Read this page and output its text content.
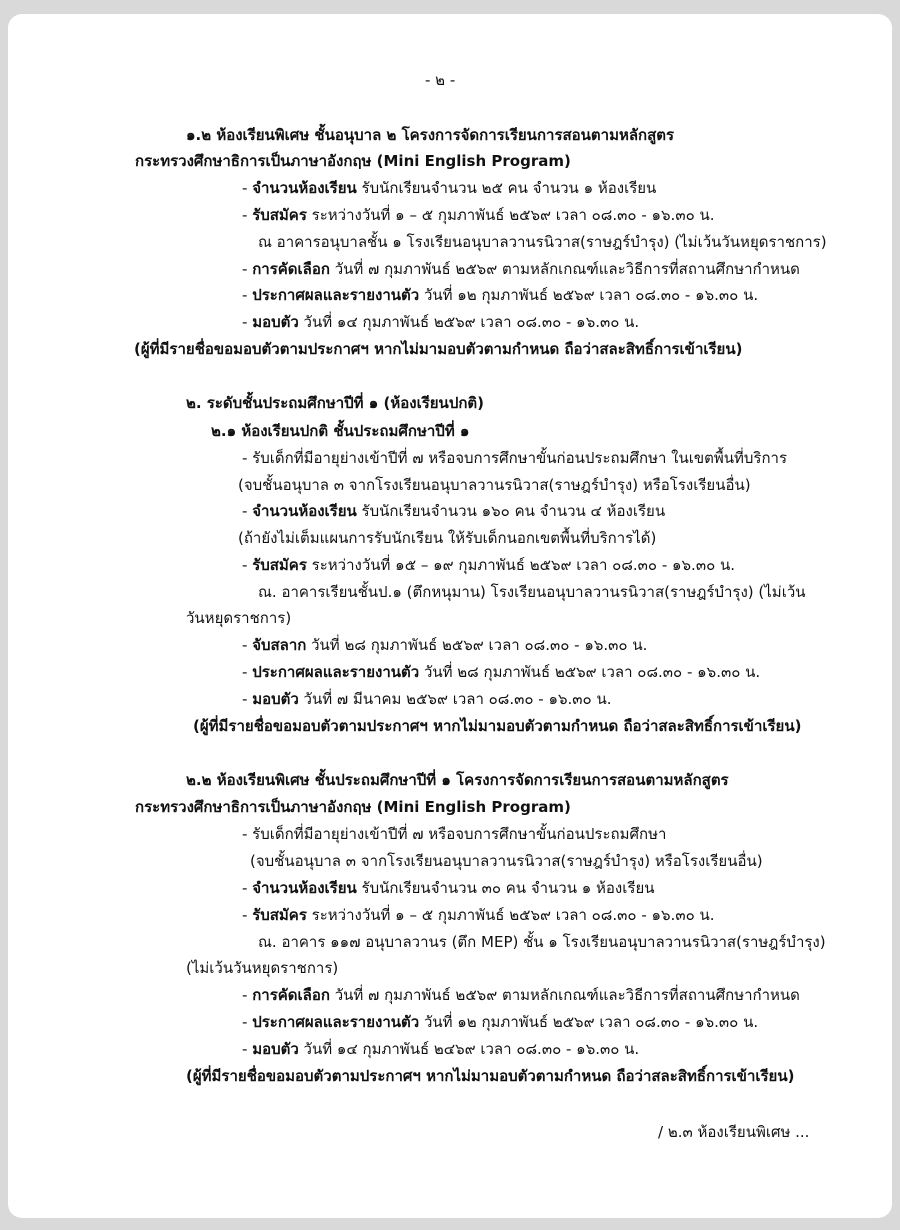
- ๒ -
๑.๒ ห้องเรียนพิเศษ ชั้นอนุบาล ๒ โครงการจัดการเรียนการสอนตามหลักสูตร
กระทรวงศึกษาธิการเป็นภาษาอังกฤษ (Mini English Program)
- จำนวนห้องเรียน รับนักเรียนจำนวน ๒๕ คน จำนวน ๑ ห้องเรียน
- รับสมัคร ระหว่างวันที่ ๑ – ๕ กุมภาพันธ์ ๒๕๖๙ เวลา ๐๘.๓๐ - ๑๖.๓๐ น.
ณ อาคารอนุบาลชั้น ๑ โรงเรียนอนุบาลวานรนิวาส(ราษฎร์บำรุง) (ไม่เว้นวันหยุดราชการ)
- การคัดเลือก วันที่ ๗ กุมภาพันธ์ ๒๕๖๙ ตามหลักเกณฑ์และวิธีการที่สถานศึกษากำหนด
- ประกาศผลและรายงานตัว วันที่ ๑๒ กุมภาพันธ์ ๒๕๖๙ เวลา ๐๘.๓๐ - ๑๖.๓๐ น.
- มอบตัว วันที่ ๑๔ กุมภาพันธ์ ๒๕๖๙ เวลา ๐๘.๓๐ - ๑๖.๓๐ น.
(ผู้ที่มีรายชื่อขอมอบตัวตามประกาศฯ หากไม่มามอบตัวตามกำหนด ถือว่าสละสิทธิ์การเข้าเรียน)
๒. ระดับชั้นประถมศึกษาปีที่ ๑ (ห้องเรียนปกติ)
๒.๑ ห้องเรียนปกติ ชั้นประถมศึกษาปีที่ ๑
- รับเด็กที่มีอายุย่างเข้าปีที่ ๗ หรือจบการศึกษาขั้นก่อนประถมศึกษา ในเขตพื้นที่บริการ
(จบชั้นอนุบาล ๓ จากโรงเรียนอนุบาลวานรนิวาส(ราษฎร์บำรุง) หรือโรงเรียนอื่น)
- จำนวนห้องเรียน รับนักเรียนจำนวน ๑๖๐ คน จำนวน ๔ ห้องเรียน
(ถ้ายังไม่เต็มแผนการรับนักเรียน ให้รับเด็กนอกเขตพื้นที่บริการได้)
- รับสมัคร ระหว่างวันที่ ๑๕ – ๑๙ กุมภาพันธ์ ๒๕๖๙ เวลา ๐๘.๓๐ - ๑๖.๓๐ น.
ณ. อาคารเรียนชั้นป.๑ (ตึกหนุมาน) โรงเรียนอนุบาลวานรนิวาส(ราษฎร์บำรุง) (ไม่เว้น
วันหยุดราชการ)
- จับสลาก วันที่ ๒๘ กุมภาพันธ์ ๒๕๖๙ เวลา ๐๘.๓๐ - ๑๖.๓๐ น.
- ประกาศผลและรายงานตัว วันที่ ๒๘ กุมภาพันธ์ ๒๕๖๙ เวลา ๐๘.๓๐ - ๑๖.๓๐ น.
- มอบตัว วันที่ ๗ มีนาคม ๒๕๖๙ เวลา ๐๘.๓๐ - ๑๖.๓๐ น.
(ผู้ที่มีรายชื่อขอมอบตัวตามประกาศฯ หากไม่มามอบตัวตามกำหนด ถือว่าสละสิทธิ์การเข้าเรียน)
๒.๒ ห้องเรียนพิเศษ ชั้นประถมศึกษาปีที่ ๑ โครงการจัดการเรียนการสอนตามหลักสูตร
กระทรวงศึกษาธิการเป็นภาษาอังกฤษ (Mini English Program)
- รับเด็กที่มีอายุย่างเข้าปีที่ ๗ หรือจบการศึกษาขั้นก่อนประถมศึกษา
(จบชั้นอนุบาล ๓ จากโรงเรียนอนุบาลวานรนิวาส(ราษฎร์บำรุง) หรือโรงเรียนอื่น)
- จำนวนห้องเรียน รับนักเรียนจำนวน ๓๐ คน จำนวน ๑ ห้องเรียน
- รับสมัคร ระหว่างวันที่ ๑ – ๕ กุมภาพันธ์ ๒๕๖๙ เวลา ๐๘.๓๐ - ๑๖.๓๐ น.
ณ. อาคาร ๑๑๗ อนุบาลวานร (ตึก MEP) ชั้น ๑ โรงเรียนอนุบาลวานรนิวาส(ราษฎร์บำรุง)
(ไม่เว้นวันหยุดราชการ)
- การคัดเลือก วันที่ ๗ กุมภาพันธ์ ๒๕๖๙ ตามหลักเกณฑ์และวิธีการที่สถานศึกษากำหนด
- ประกาศผลและรายงานตัว วันที่ ๑๒ กุมภาพันธ์ ๒๕๖๙ เวลา ๐๘.๓๐ - ๑๖.๓๐ น.
- มอบตัว วันที่ ๑๔ กุมภาพันธ์ ๒๔๖๙ เวลา ๐๘.๓๐ - ๑๖.๓๐ น.
(ผู้ที่มีรายชื่อขอมอบตัวตามประกาศฯ หากไม่มามอบตัวตามกำหนด ถือว่าสละสิทธิ์การเข้าเรียน)
/ ๒.๓ ห้องเรียนพิเศษ ...
